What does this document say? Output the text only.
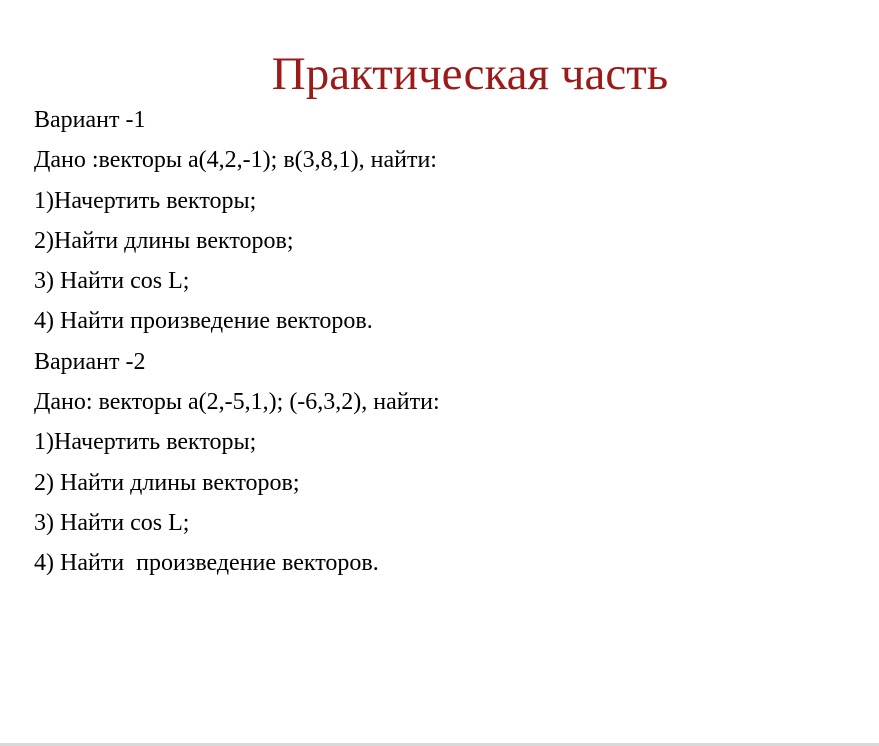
Практическая часть
Вариант -1
Дано :векторы а(4,2,-1); в(3,8,1), найти:
1)Начертить векторы;
2)Найти длины векторов;
3) Найти cos L;
4) Найти произведение векторов.
Вариант -2
Дано: векторы а(2,-5,1,); (-6,3,2), найти:
1)Начертить векторы;
2) Найти длины векторов;
3) Найти cos L;
4) Найти  произведение векторов.
